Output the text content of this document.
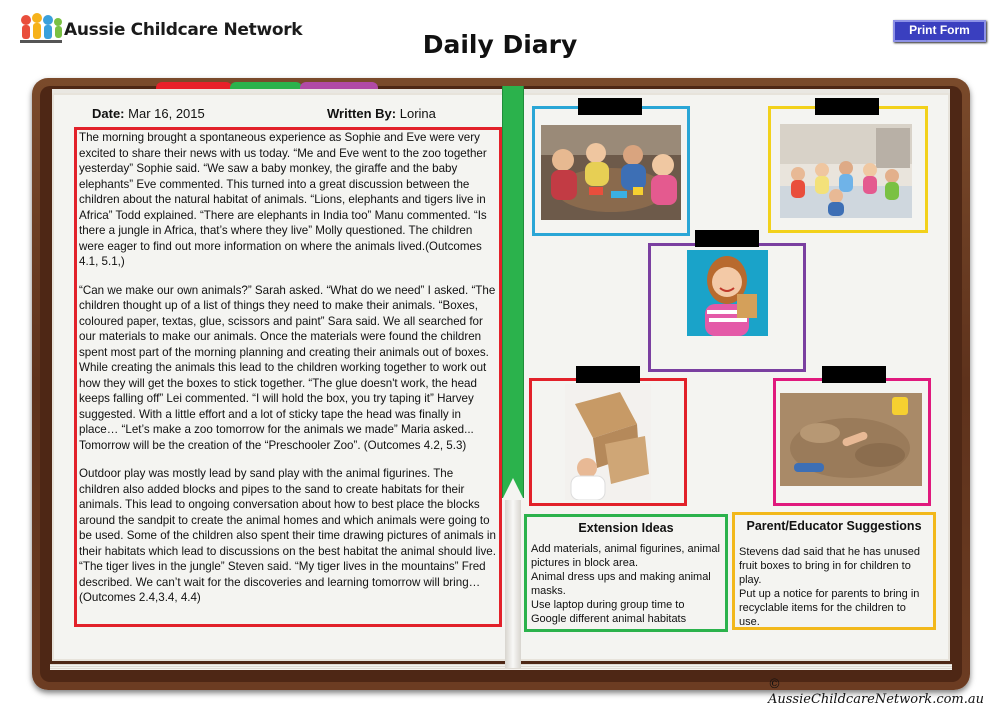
Aussie Childcare Network	Daily Diary	Print Form
Date: Mar 16, 2015	Written By: Lorina

The morning brought a spontaneous experience as Sophie and Eve were very excited to share their news with us today. “Me and Eve went to the zoo together yesterday” Sophie said. “We saw a baby monkey, the giraffe and the baby elephants” Eve commented. This turned into a great discussion between the children about the natural habitat of animals. “Lions, elephants and tigers live in Africa” Todd explained. “There are elephants in India too” Manu commented. “Is there a jungle in Africa, that’s where they live” Molly questioned. The children were eager to find out more information on where the animals lived.(Outcomes 4.1, 5.1,)

“Can we make our own animals?” Sarah asked. “What do we need” I asked. “The children thought up of a list of things they need to make their animals. “Boxes, coloured paper, textas, glue, scissors and paint” Sara said. We all searched for our materials to make our animals. Once the materials were found the children spent most part of the morning planning and creating their animals out of boxes. While creating the animals this lead to the children working together to work out how they will get the boxes to stick together. “The glue doesn't work, the head keeps falling off” Lei commented. “I will hold the box, you try taping it” Harvey suggested. With a little effort and a lot of sticky tape the head was finally in place… “Let’s make a zoo tomorrow for the animals we made” Maria asked... Tomorrow will be the creation of the “Preschooler Zoo”. (Outcomes 4.2, 5.3)

Outdoor play was mostly lead by sand play with the animal figurines. The children also added blocks and pipes to the sand to create habitats for their animals. This lead to ongoing conversation about how to best place the blocks around the sandpit to create the animal homes and which animals were going to be used. Some of the children also spent their time drawing pictures of animals in their habitats which lead to discussions on the best habitat the animal should live. “The tiger lives in the jungle” Steven said. “My tiger lives in the mountains” Fred described. We can’t wait for the discoveries and learning tomorrow will bring… (Outcomes 2.4,3.4, 4.4)

Extension Ideas
Add materials, animal figurines, animal
pictures in block area.
Animal dress ups and making animal
masks.
Use laptop during group time to
Google different animal habitats
Parent/Educator Suggestions
Stevens dad said that he has unused
fruit boxes to bring in for children to
play.
Put up a notice for parents to bring in
recyclable items for the children to use.
© AussieChildcareNetwork.com.au
